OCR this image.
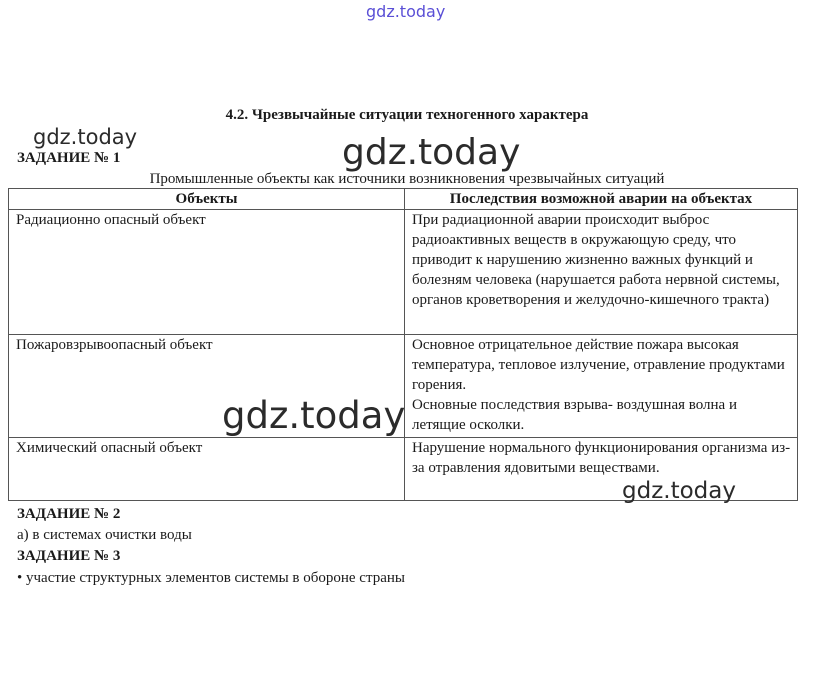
gdz.today
gdz.today	gdz.today
4.2. Чрезвычайные ситуации техногенного характера
ЗАДАНИЕ № 1
Промышленные объекты как источники возникновения чрезвычайных ситуаций
Объекты	Последствия возможной аварии на объектах
Радиационно опасный объект	При радиационной аварии происходит выброс радиоактивных веществ в окружающую среду, что приводит к нарушению жизненно важных функций и болезням человека (нарушается работа нервной системы, органов кроветворения и желудочно-кишечного тракта)
Пожаровзрывоопасный объект	Основное отрицательное действие пожара высокая температура, тепловое излучение, отравление продуктами горения.
Основные последствия взрыва- воздушная волна и летящие осколки.

Химический опасный объект	Нарушение нормального функционирования организма из-за отравления ядовитыми веществами.
gdz.today
gdz.today
ЗАДАНИЕ № 2
а) в системах очистки воды
ЗАДАНИЕ № 3
• участие структурных элементов системы в обороне страны
